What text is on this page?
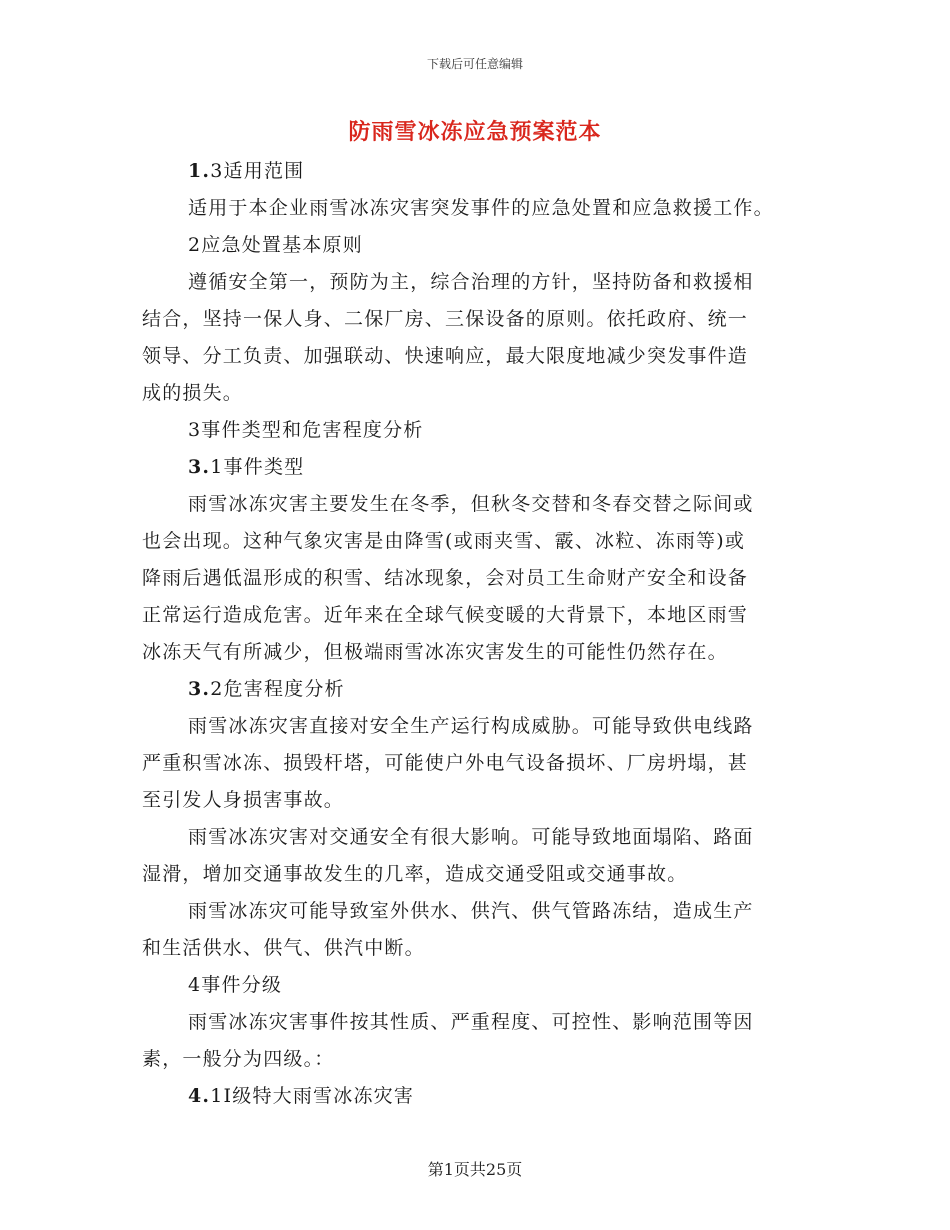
下载后可任意编辑
防雨雪冰冻应急预案范本
1.3适用范围
适用于本企业雨雪冰冻灾害突发事件的应急处置和应急救援工作。
2应急处置基本原则
遵循安全第一，预防为主，综合治理的方针，坚持防备和救援相
结合，坚持一保人身、二保厂房、三保设备的原则。依托政府、统一
领导、分工负责、加强联动、快速响应，最大限度地减少突发事件造
成的损失。
3事件类型和危害程度分析
3.1事件类型
雨雪冰冻灾害主要发生在冬季，但秋冬交替和冬春交替之际间或
也会出现。这种气象灾害是由降雪(或雨夹雪、霰、冰粒、冻雨等)或
降雨后遇低温形成的积雪、结冰现象，会对员工生命财产安全和设备
正常运行造成危害。近年来在全球气候变暖的大背景下，本地区雨雪
冰冻天气有所减少，但极端雨雪冰冻灾害发生的可能性仍然存在。
3.2危害程度分析
雨雪冰冻灾害直接对安全生产运行构成威胁。可能导致供电线路
严重积雪冰冻、损毁杆塔，可能使户外电气设备损坏、厂房坍塌，甚
至引发人身损害事故。
雨雪冰冻灾害对交通安全有很大影响。可能导致地面塌陷、路面
湿滑，增加交通事故发生的几率，造成交通受阻或交通事故。
雨雪冰冻灾可能导致室外供水、供汽、供气管路冻结，造成生产
和生活供水、供气、供汽中断。
4事件分级
雨雪冰冻灾害事件按其性质、严重程度、可控性、影响范围等因
素，一般分为四级。：
4.1I级特大雨雪冰冻灾害
第1页共25页
